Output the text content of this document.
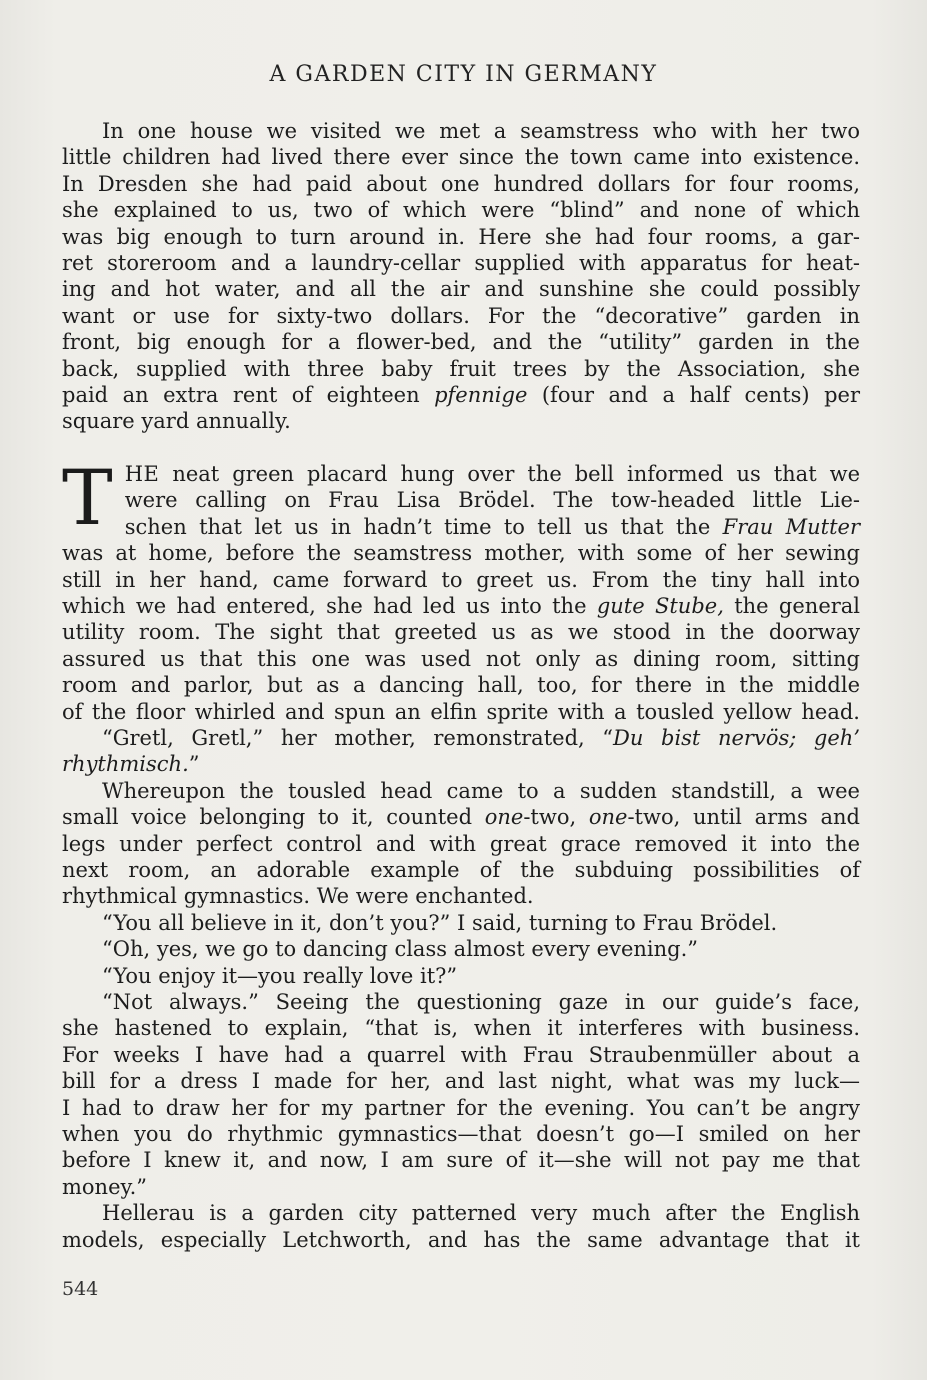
A GARDEN CITY IN GERMANY

In one house we visited we met a seamstress who with her two
little children had lived there ever since the town came into existence.
In Dresden she had paid about one hundred dollars for four rooms,
she explained to us, two of which were “blind” and none of which
was big enough to turn around in. Here she had four rooms, a gar-
ret storeroom and a laundry-cellar supplied with apparatus for heat-
ing and hot water, and all the air and sunshine she could possibly
want or use for sixty-two dollars. For the “decorative” garden in
front, big enough for a flower-bed, and the “utility” garden in the
back, supplied with three baby fruit trees by the Association, she
paid an extra rent of eighteen pfennige (four and a half cents) per
square yard annually.

T HE neat green placard hung over the bell informed us that we
were calling on Frau Lisa Brödel. The tow-headed little Lie-
schen that let us in hadn’t time to tell us that the Frau Mutter
was at home, before the seamstress mother, with some of her sewing
still in her hand, came forward to greet us. From the tiny hall into
which we had entered, she had led us into the gute Stube, the general
utility room. The sight that greeted us as we stood in the doorway
assured us that this one was used not only as dining room, sitting
room and parlor, but as a dancing hall, too, for there in the middle
of the floor whirled and spun an elfin sprite with a tousled yellow head.

“Gretl, Gretl,” her mother, remonstrated, “Du bist nervös; geh’
rhythmisch.”

Whereupon the tousled head came to a sudden standstill, a wee
small voice belonging to it, counted one-two, one-two, until arms and
legs under perfect control and with great grace removed it into the
next room, an adorable example of the subduing possibilities of
rhythmical gymnastics. We were enchanted.

“You all believe in it, don’t you?” I said, turning to Frau Brödel.

“Oh, yes, we go to dancing class almost every evening.”

“You enjoy it—you really love it?”

“Not always.” Seeing the questioning gaze in our guide’s face,
she hastened to explain, “that is, when it interferes with business.
For weeks I have had a quarrel with Frau Straubenmüller about a
bill for a dress I made for her, and last night, what was my luck—
I had to draw her for my partner for the evening. You can’t be angry
when you do rhythmic gymnastics—that doesn’t go—I smiled on her
before I knew it, and now, I am sure of it—she will not pay me that
money.”

Hellerau is a garden city patterned very much after the English
models, especially Letchworth, and has the same advantage that it

544
